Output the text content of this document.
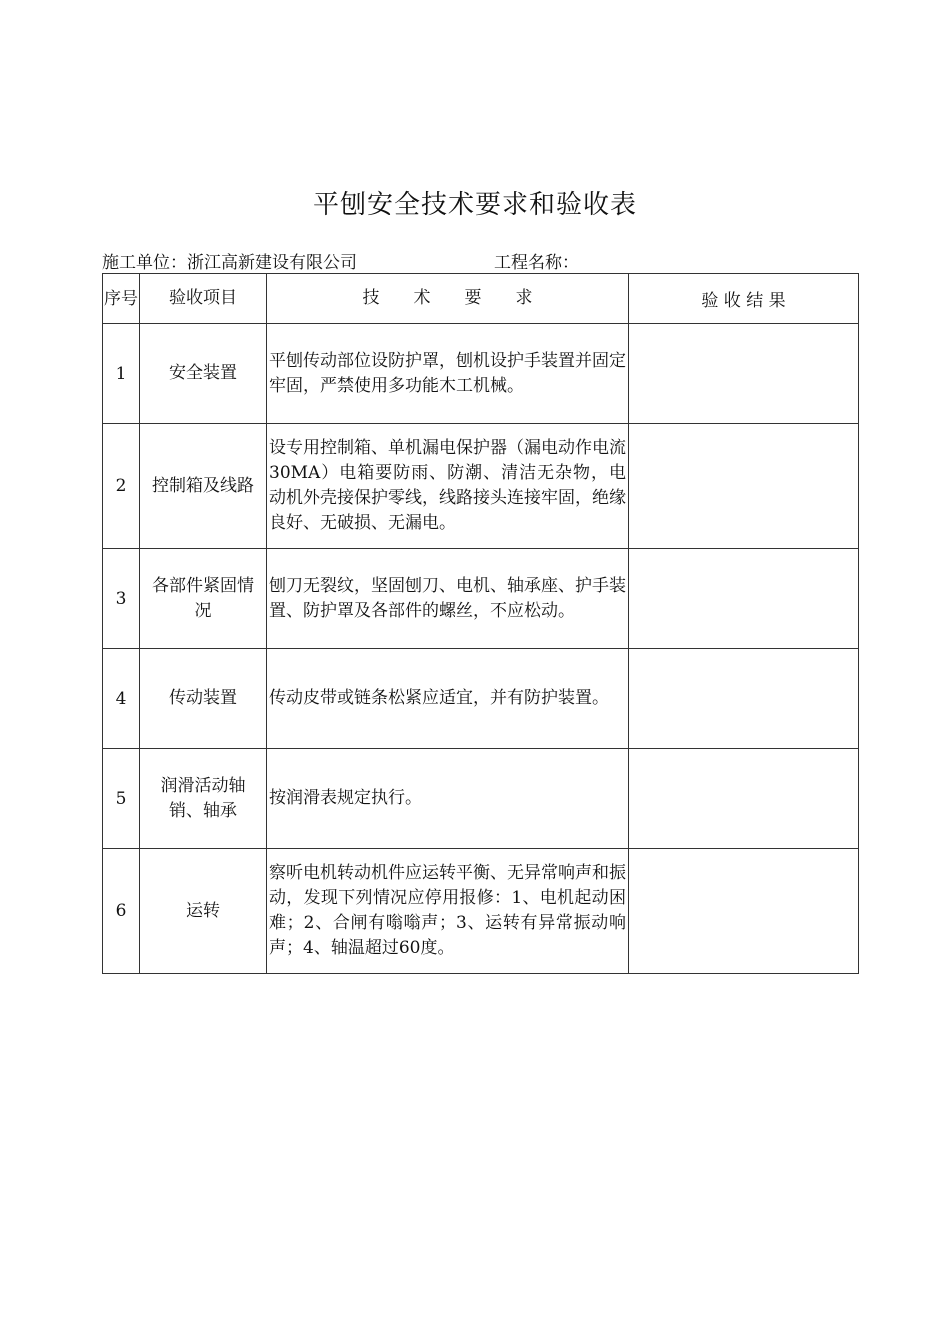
平刨安全技术要求和验收表
施工单位：浙江高新建设有限公司	工程名称：
序号	验收项目	技　　术　　要　　求	验 收 结 果
1	安全装置	平刨传动部位设防护罩，刨机设护手装置并固定牢固，严禁使用多功能木工机械。	
2	控制箱及线路	设专用控制箱、单机漏电保护器（漏电动作电流30MA）电箱要防雨、防潮、清洁无杂物，电动机外壳接保护零线，线路接头连接牢固，绝缘良好、无破损、无漏电。	
3	各部件紧固情况	刨刀无裂纹，坚固刨刀、电机、轴承座、护手装置、防护罩及各部件的螺丝，不应松动。	
4	传动装置	传动皮带或链条松紧应适宜，并有防护装置。	
5	润滑活动轴销、轴承	按润滑表规定执行。	
6	运转	察听电机转动机件应运转平衡、无异常响声和振动，发现下列情况应停用报修：1、电机起动困难；2、合闸有嗡嗡声；3、运转有异常振动响声；4、轴温超过60度。	
